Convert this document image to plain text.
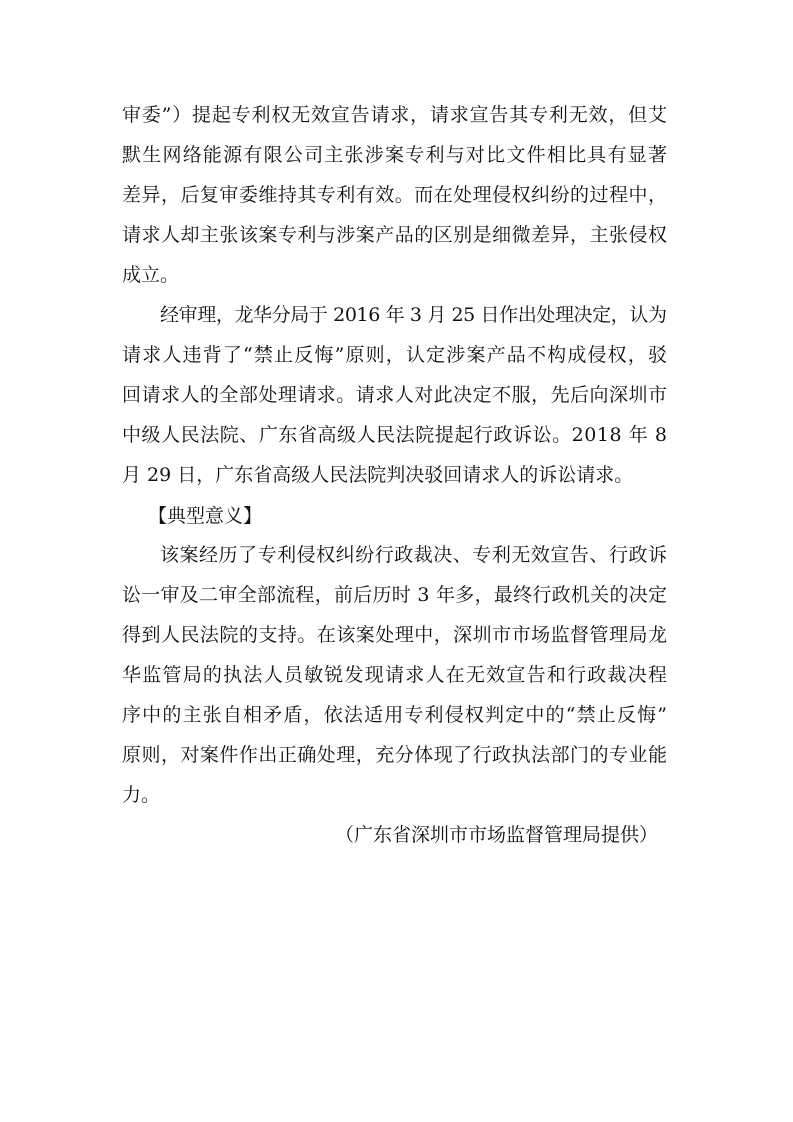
审委”）提起专利权无效宣告请求，请求宣告其专利无效，但艾
默生网络能源有限公司主张涉案专利与对比文件相比具有显著
差异，后复审委维持其专利有效。而在处理侵权纠纷的过程中，
请求人却主张该案专利与涉案产品的区别是细微差异，主张侵权
成立。
经审理，龙华分局于 2016 年 3 月 25 日作出处理决定，认为
请求人违背了“禁止反悔”原则，认定涉案产品不构成侵权，驳
回请求人的全部处理请求。请求人对此决定不服，先后向深圳市
中级人民法院、广东省高级人民法院提起行政诉讼。2018 年 8
月 29 日，广东省高级人民法院判决驳回请求人的诉讼请求。
【典型意义】
该案经历了专利侵权纠纷行政裁决、专利无效宣告、行政诉
讼一审及二审全部流程，前后历时 3 年多，最终行政机关的决定
得到人民法院的支持。在该案处理中，深圳市市场监督管理局龙
华监管局的执法人员敏锐发现请求人在无效宣告和行政裁决程
序中的主张自相矛盾，依法适用专利侵权判定中的“禁止反悔”
原则，对案件作出正确处理，充分体现了行政执法部门的专业能
力。
（广东省深圳市市场监督管理局提供）
